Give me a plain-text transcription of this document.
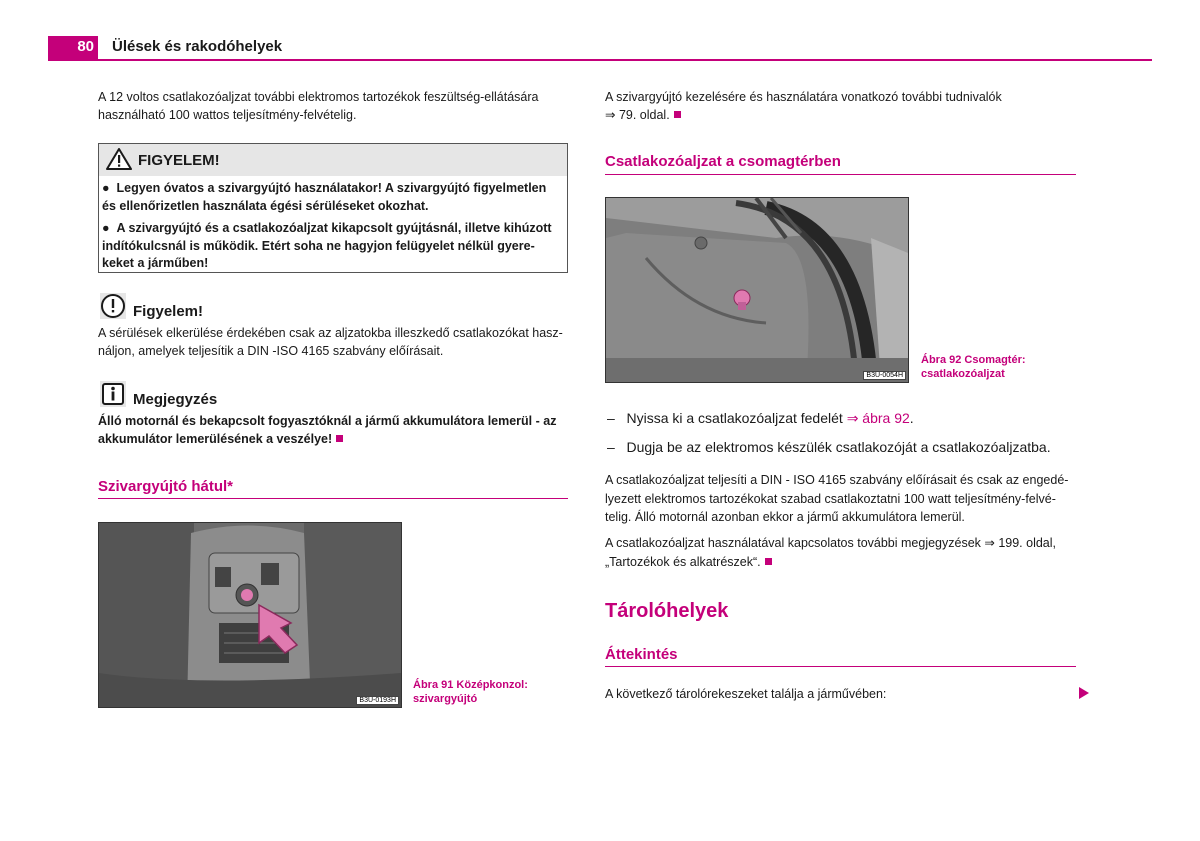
80 Ülések és rakodóhelyek
A 12 voltos csatlakozóaljzat további elektromos tartozékok feszültség-ellátására
használható 100 wattos teljesítmény-felvételig.
FIGYELEM!
●  Legyen óvatos a szivargyújtó használatakor! A szivargyújtó figyelmetlen
és ellenőrizetlen használata égési sérüléseket okozhat.
●  A szivargyújtó és a csatlakozóaljzat kikapcsolt gyújtásnál, illetve kihúzott
indítókulcsnál is működik. Etért soha ne hagyjon felügyelet nélkül gyere-
keket a járműben!
Figyelem!
A sérülések elkerülése érdekében csak az aljzatokba illeszkedő csatlakozókat hasz-
náljon, amelyek teljesítik a DIN -ISO 4165 szabvány előírásait.
Megjegyzés
Álló motornál és bekapcsolt fogyasztóknál a jármű akkumulátora lemerül - az
akkumulátor lemerülésének a veszélye!
Szivargyújtó hátul*
B3U-0193H
Ábra 91 Középkonzol:
szivargyújtó
A szivargyújtó kezelésére és használatára vonatkozó további tudnivalók
⇒ 79. oldal.
Csatlakozóaljzat a csomagtérben
B3U-0054H
Ábra 92 Csomagtér:
csatlakozóaljzat
– Nyissa ki a csatlakozóaljzat fedelét ⇒ ábra 92.
– Dugja be az elektromos készülék csatlakozóját a csatlakozóaljzatba.
A csatlakozóaljzat teljesíti a DIN - ISO 4165 szabvány előírásait és csak az engedé-
lyezett elektromos tartozékokat szabad csatlakoztatni 100 watt teljesítmény-felvé-
telig. Álló motornál azonban ekkor a jármű akkumulátora lemerül.
A csatlakozóaljzat használatával kapcsolatos további megjegyzések ⇒ 199. oldal,
„Tartozékok és alkatrészek“.
Tárolóhelyek
Áttekintés
A következő tárolórekeszeket találja a járművében:
